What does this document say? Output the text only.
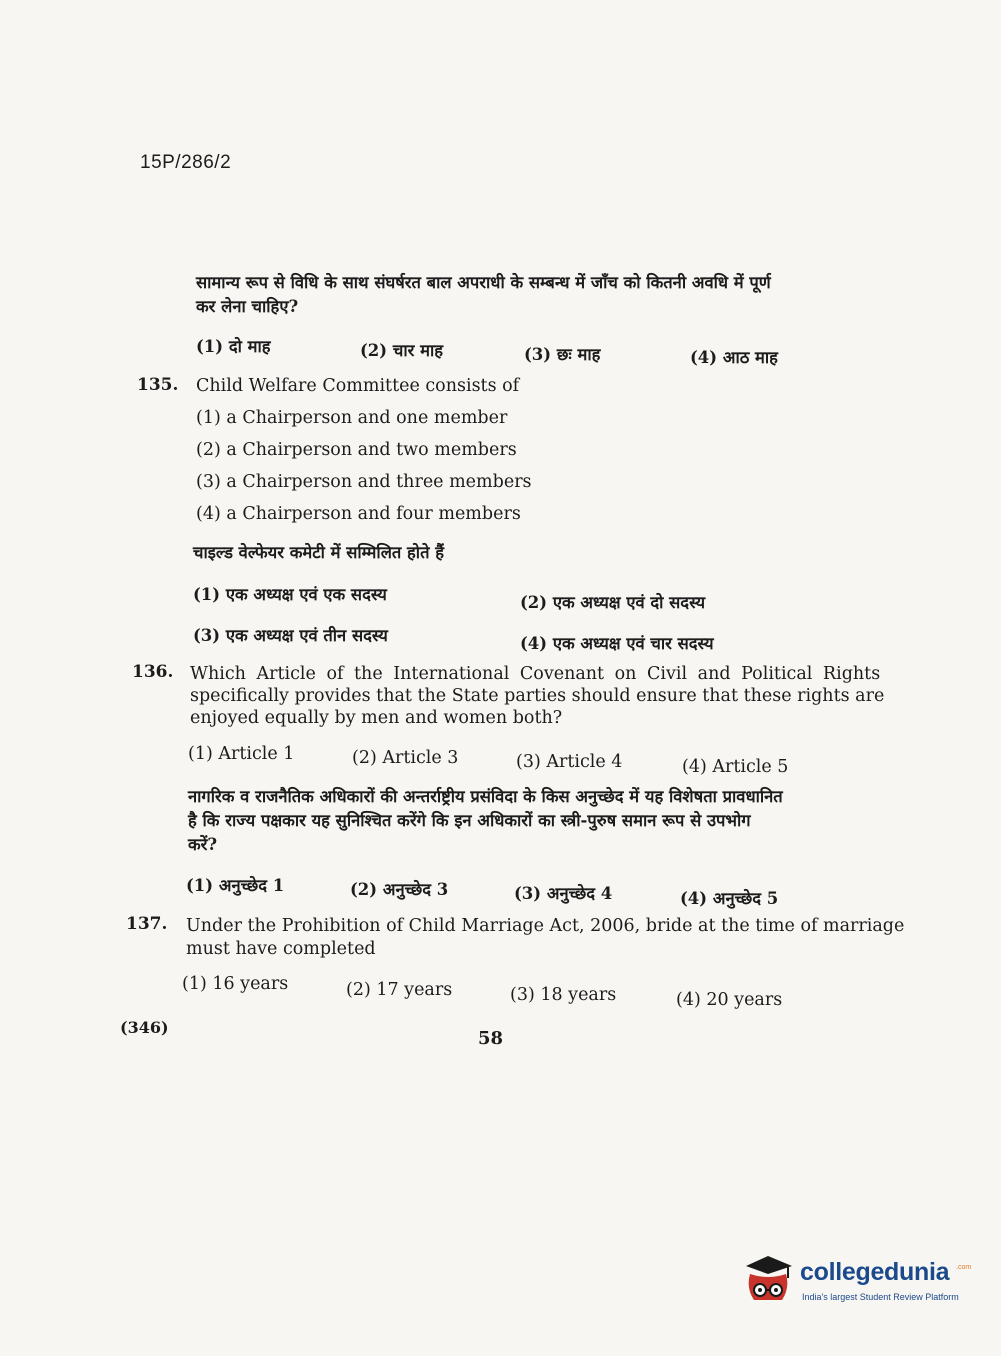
15P/286/2
सामान्य रूप से विधि के साथ संघर्षरत बाल अपराधी के सम्बन्ध में जाँच को कितनी अवधि में पूर्ण
कर लेना चाहिए?
(1) दो माह	(2) चार माह	(3) छः माह	(4) आठ माह
135. Child Welfare Committee consists of
(1) a Chairperson and one member
(2) a Chairperson and two members
(3) a Chairperson and three members
(4) a Chairperson and four members
चाइल्ड वेल्फेयर कमेटी में सम्मिलित होते हैं
(1) एक अध्यक्ष एवं एक सदस्य	(2) एक अध्यक्ष एवं दो सदस्य
(3) एक अध्यक्ष एवं तीन सदस्य	(4) एक अध्यक्ष एवं चार सदस्य
136. Which Article of the International Covenant on Civil and Political Rights
specifically provides that the State parties should ensure that these rights are
enjoyed equally by men and women both?
(1) Article 1	(2) Article 3	(3) Article 4	(4) Article 5
नागरिक व राजनैतिक अधिकारों की अन्तर्राष्ट्रीय प्रसंविदा के किस अनुच्छेद में यह विशेषता प्रावधानित
है कि राज्य पक्षकार यह सुनिश्चित करेंगे कि इन अधिकारों का स्त्री-पुरुष समान रूप से उपभोग
करें?
(1) अनुच्छेद 1	(2) अनुच्छेद 3	(3) अनुच्छेद 4	(4) अनुच्छेद 5
137. Under the Prohibition of Child Marriage Act, 2006, bride at the time of marriage
must have completed
(1) 16 years	(2) 17 years	(3) 18 years	(4) 20 years
(346)
58
collegedunia .com
India's largest Student Review Platform
